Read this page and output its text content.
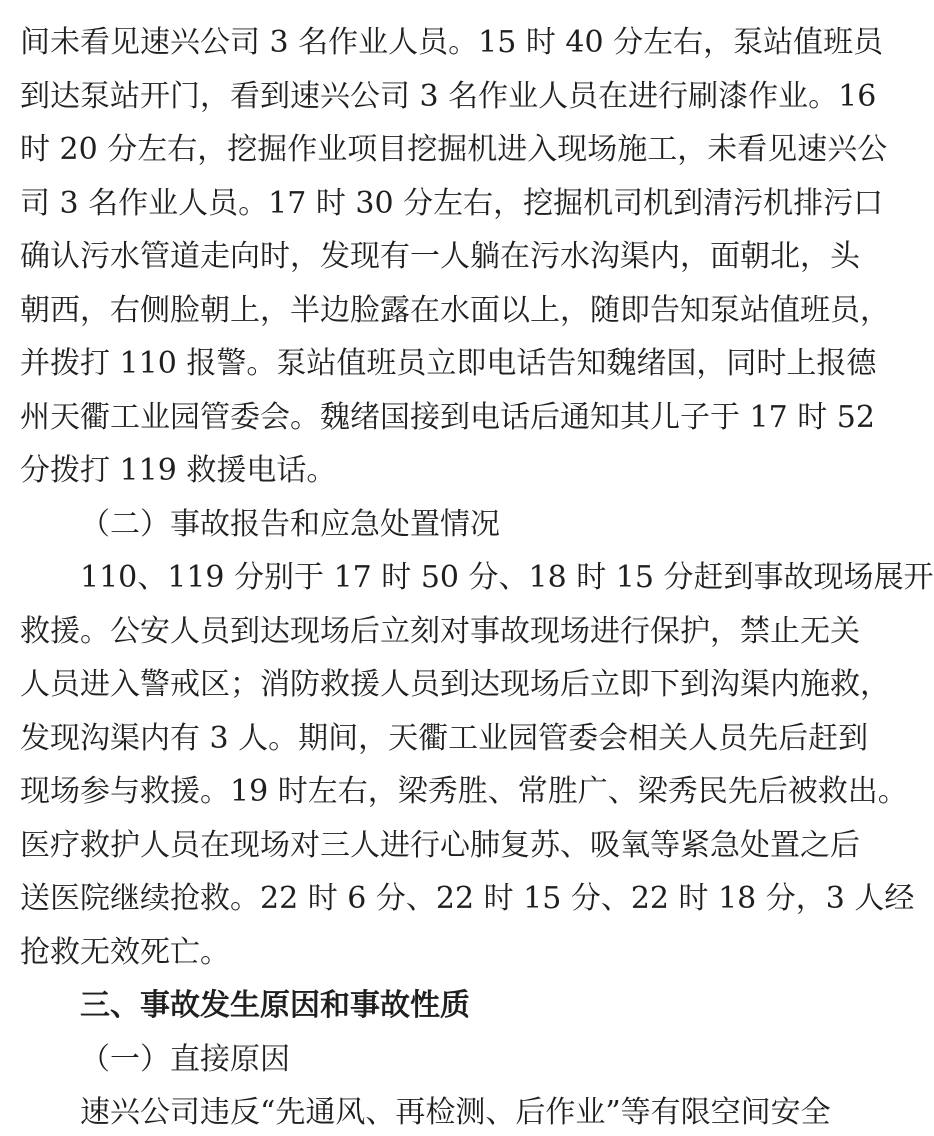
间未看见速兴公司 3 名作业人员。15 时 40 分左右，泵站值班员
到达泵站开门，看到速兴公司 3 名作业人员在进行刷漆作业。16
时 20 分左右，挖掘作业项目挖掘机进入现场施工，未看见速兴公
司 3 名作业人员。17 时 30 分左右，挖掘机司机到清污机排污口
确认污水管道走向时，发现有一人躺在污水沟渠内，面朝北，头
朝西，右侧脸朝上，半边脸露在水面以上，随即告知泵站值班员，
并拨打 110 报警。泵站值班员立即电话告知魏绪国，同时上报德
州天衢工业园管委会。魏绪国接到电话后通知其儿子于 17 时 52
分拨打 119 救援电话。
（二）事故报告和应急处置情况
110、119 分别于 17 时 50 分、18 时 15 分赶到事故现场展开
救援。公安人员到达现场后立刻对事故现场进行保护，禁止无关
人员进入警戒区；消防救援人员到达现场后立即下到沟渠内施救，
发现沟渠内有 3 人。期间，天衢工业园管委会相关人员先后赶到
现场参与救援。19 时左右，梁秀胜、常胜广、梁秀民先后被救出。
医疗救护人员在现场对三人进行心肺复苏、吸氧等紧急处置之后
送医院继续抢救。22 时 6 分、22 时 15 分、22 时 18 分，3 人经
抢救无效死亡。
三、事故发生原因和事故性质
（一）直接原因
速兴公司违反“先通风、再检测、后作业”等有限空间安全
